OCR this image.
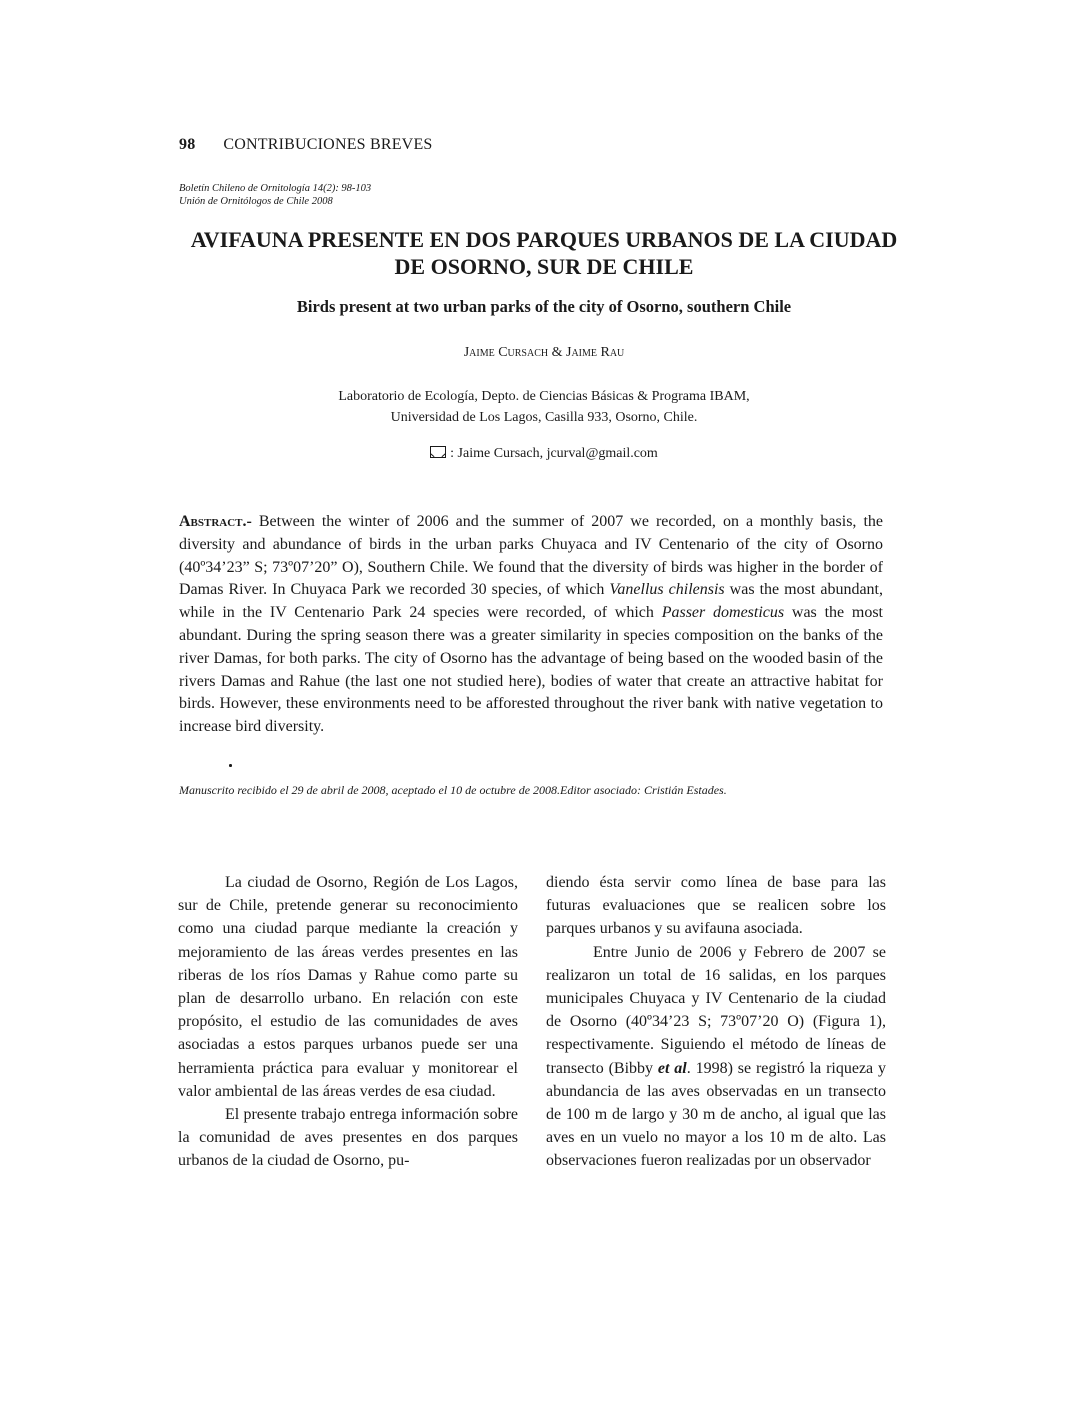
98 CONTRIBUCIONES BREVES
Boletín Chileno de Ornitología 14(2): 98-103
Unión de Ornitólogos de Chile 2008
AVIFAUNA PRESENTE EN DOS PARQUES URBANOS DE LA CIUDAD
DE OSORNO, SUR DE CHILE
Birds present at two urban parks of the city of Osorno, southern Chile
Jaime Cursach & Jaime Rau
Laboratorio de Ecología, Depto. de Ciencias Básicas & Programa IBAM,
Universidad de Los Lagos, Casilla 933, Osorno, Chile.
: Jaime Cursach, jcurval@gmail.com
Abstract.- Between the winter of 2006 and the summer of 2007 we recorded, on a monthly basis, the diversity and abundance of birds in the urban parks Chuyaca and IV Centenario of the city of Osorno (40º34’23” S; 73º07’20” O), Southern Chile. We found that the diversity of birds was higher in the border of Damas River. In Chuyaca Park we recorded 30 species, of which Vanellus chilensis was the most abundant, while in the IV Centenario Park 24 species were recorded, of which Passer domesticus was the most abundant. During the spring season there was a greater similarity in species composition on the banks of the river Damas, for both parks. The city of Osorno has the advantage of being based on the wooded basin of the rivers Damas and Rahue (the last one not studied here), bodies of water that create an attractive habitat for birds. However, these environments need to be afforested throughout the river bank with native vegetation to increase bird diversity.
Manuscrito recibido el 29 de abril de 2008, aceptado el 10 de octubre de 2008.Editor asociado: Cristián Estades.

La ciudad de Osorno, Región de Los Lagos, sur de Chile, pretende generar su reconocimiento como una ciudad parque mediante la creación y mejoramiento de las áreas verdes presentes en las riberas de los ríos Damas y Rahue como parte su plan de desarrollo urbano. En relación con este propósito, el estudio de las comunidades de aves asociadas a estos parques urbanos puede ser una herramienta práctica para evaluar y monitorear el valor ambiental de las áreas verdes de esa ciudad.

El presente trabajo entrega información sobre la comunidad de aves presentes en dos parques urbanos de la ciudad de Osorno, pu-

diendo ésta servir como línea de base para las futuras evaluaciones que se realicen sobre los parques urbanos y su avifauna asociada.

Entre Junio de 2006 y Febrero de 2007 se realizaron un total de 16 salidas, en los parques municipales Chuyaca y IV Centenario de la ciudad de Osorno (40º34’23 S; 73º07’20 O) (Figura 1), respectivamente. Siguiendo el método de líneas de transecto (Bibby et al. 1998) se registró la riqueza y abundancia de las aves observadas en un transecto de 100 m de largo y 30 m de ancho, al igual que las aves en un vuelo no mayor a los 10 m de alto. Las observaciones fueron realizadas por un observador
